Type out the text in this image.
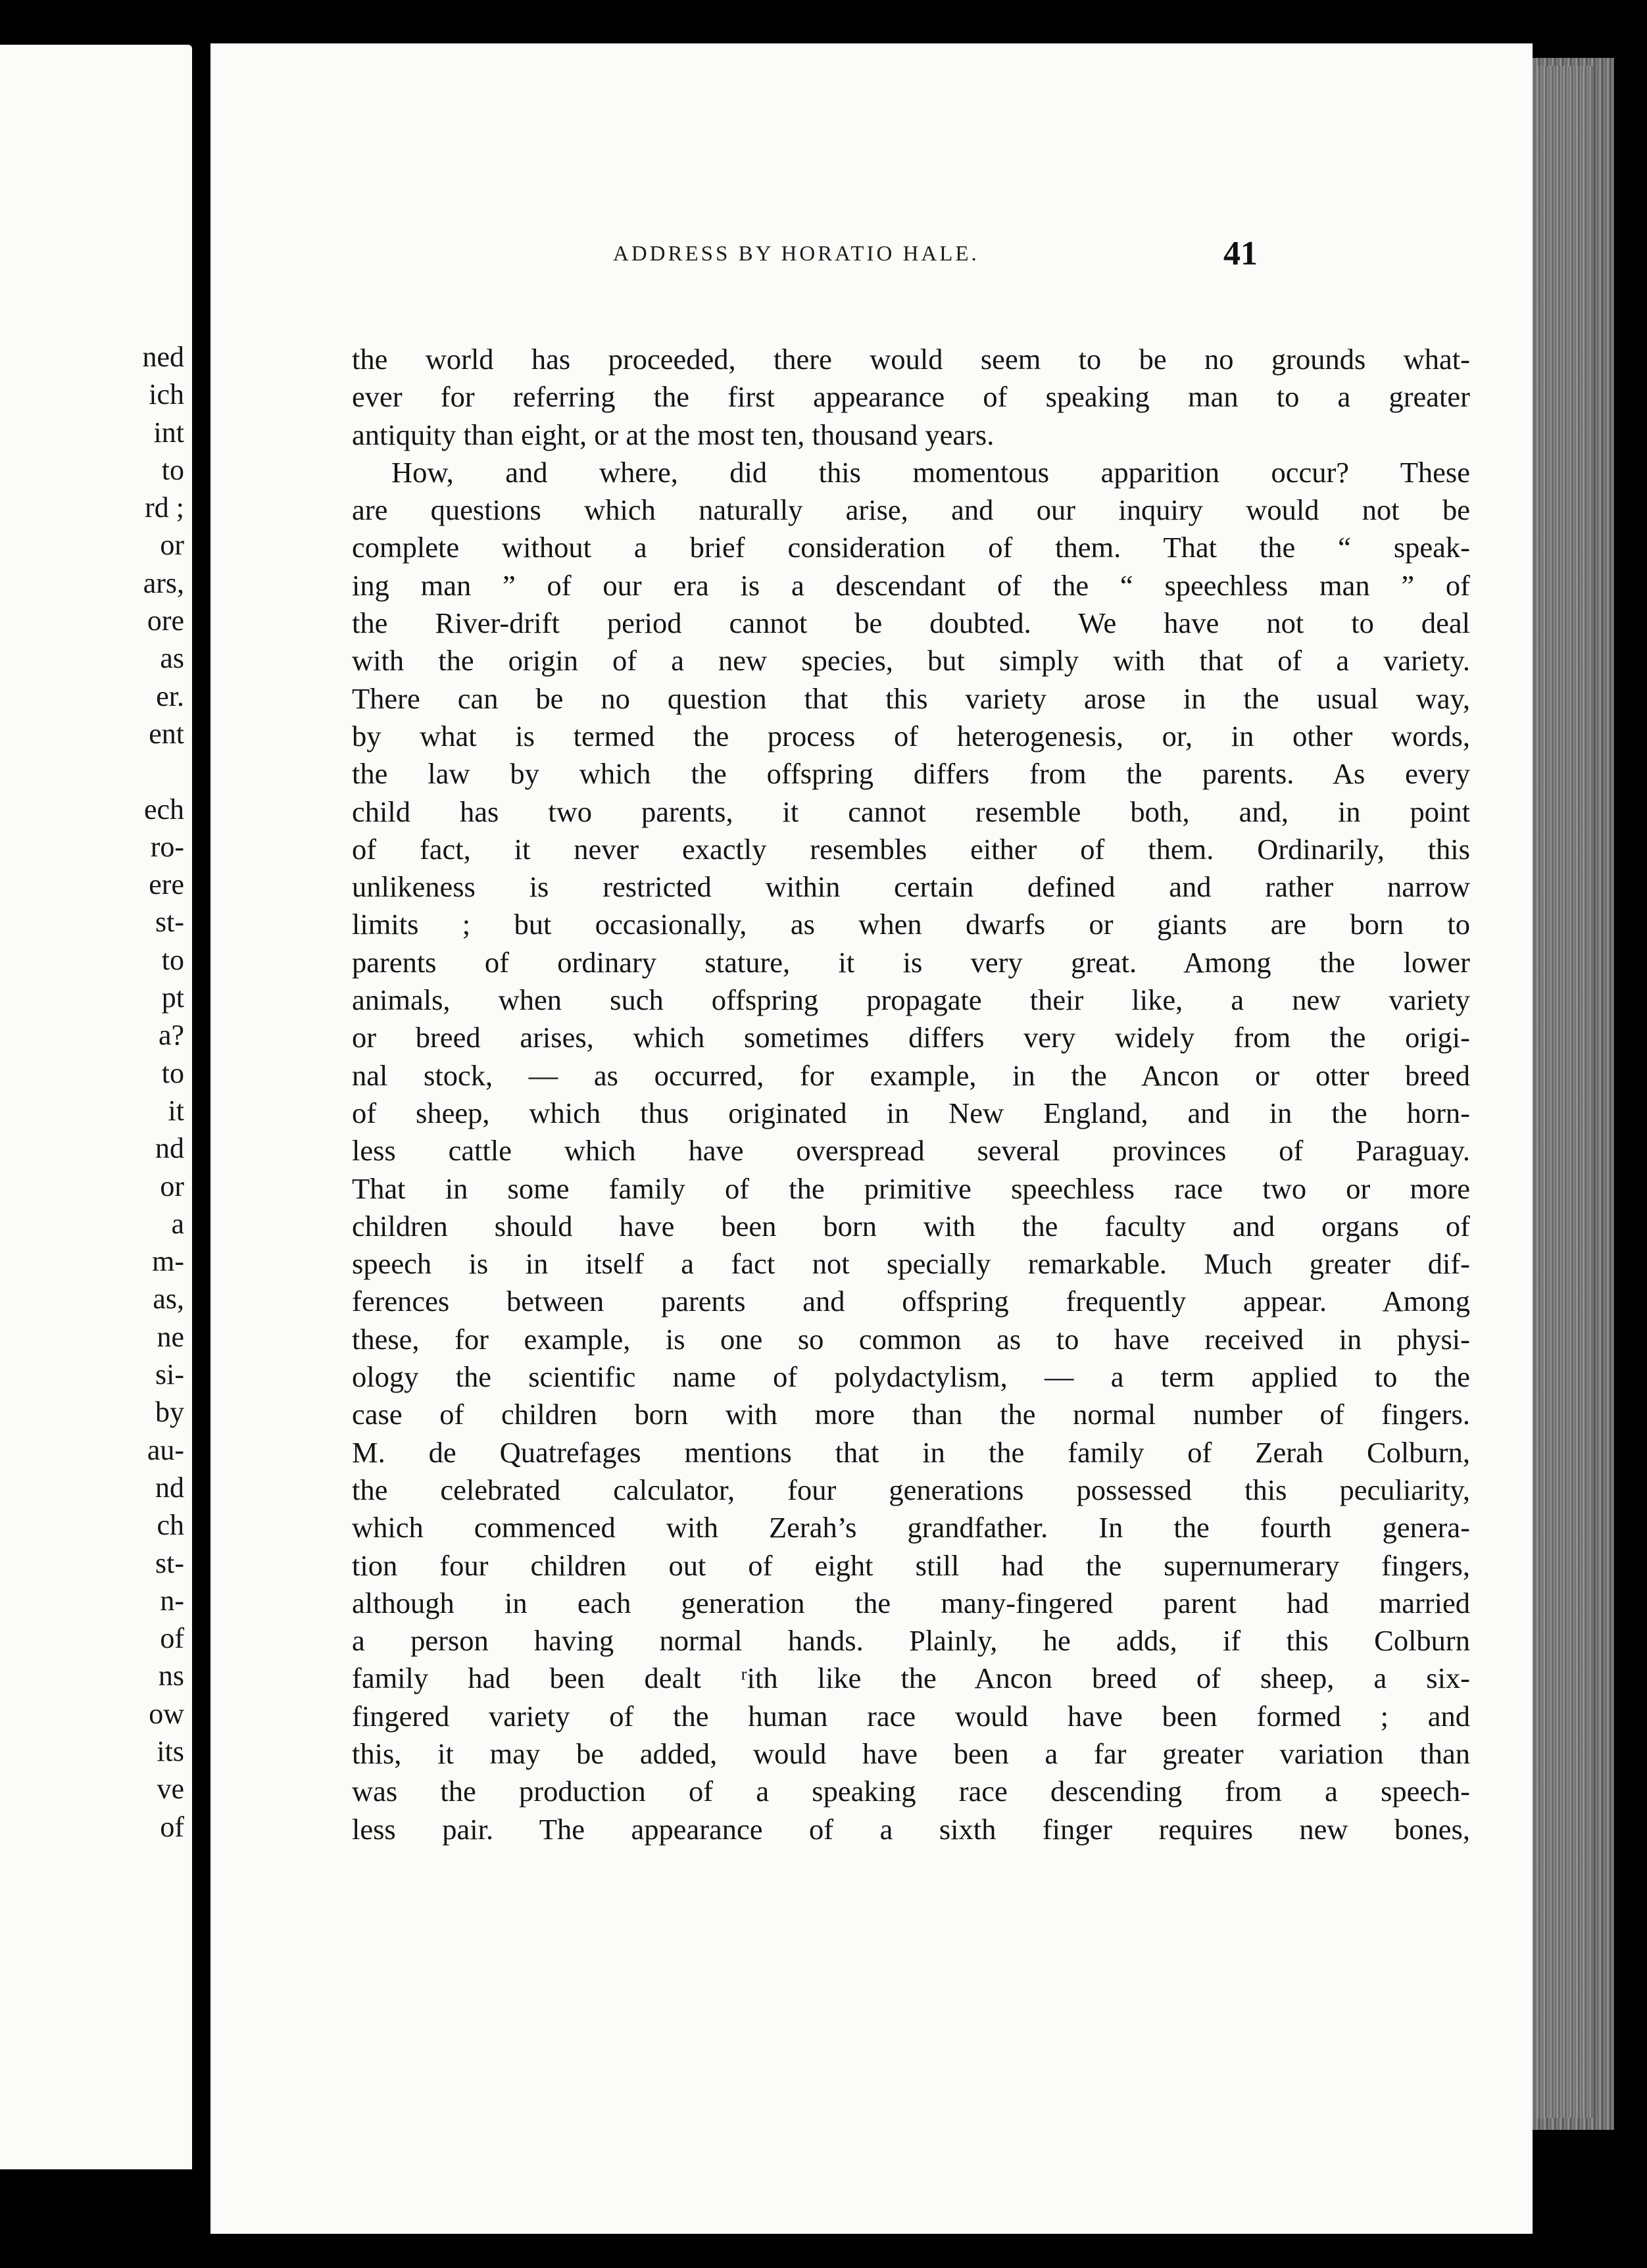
ned
ich
int
to
rd ;
or
ars,
ore
as
er.
ent
ech
ro-
ere
st-
to
pt
a?
to
it
nd
or
a
m-
as,
ne
si-
by
au-
nd
ch
st-
n-
of
ns
ow
its
ve
of
ADDRESS BY HORATIO HALE.	41
the world has proceeded, there would seem to be no grounds what-
ever for referring the first appearance of speaking man to a greater
antiquity than eight, or at the most ten, thousand years.
How, and where, did this momentous apparition occur? These
are questions which naturally arise, and our inquiry would not be
complete without a brief consideration of them. That the “ speak-
ing man ” of our era is a descendant of the “ speechless man ” of
the River-drift period cannot be doubted. We have not to deal
with the origin of a new species, but simply with that of a variety.
There can be no question that this variety arose in the usual way,
by what is termed the process of heterogenesis, or, in other words,
the law by which the offspring differs from the parents. As every
child has two parents, it cannot resemble both, and, in point
of fact, it never exactly resembles either of them. Ordinarily, this
unlikeness is restricted within certain defined and rather narrow
limits ; but occasionally, as when dwarfs or giants are born to
parents of ordinary stature, it is very great. Among the lower
animals, when such offspring propagate their like, a new variety
or breed arises, which sometimes differs very widely from the origi-
nal stock, — as occurred, for example, in the Ancon or otter breed
of sheep, which thus originated in New England, and in the horn-
less cattle which have overspread several provinces of Paraguay.
That in some family of the primitive speechless race two or more
children should have been born with the faculty and organs of
speech is in itself a fact not specially remarkable. Much greater dif-
ferences between parents and offspring frequently appear. Among
these, for example, is one so common as to have received in physi-
ology the scientific name of polydactylism, — a term applied to the
case of children born with more than the normal number of fingers.
M. de Quatrefages mentions that in the family of Zerah Colburn,
the celebrated calculator, four generations possessed this peculiarity,
which commenced with Zerah’s grandfather. In the fourth genera-
tion four children out of eight still had the supernumerary fingers,
although in each generation the many-fingered parent had married
a person having normal hands. Plainly, he adds, if this Colburn
family had been dealt ʳith like the Ancon breed of sheep, a six-
fingered variety of the human race would have been formed ; and
this, it may be added, would have been a far greater variation than
was the production of a speaking race descending from a speech-
less pair. The appearance of a sixth finger requires new bones,
